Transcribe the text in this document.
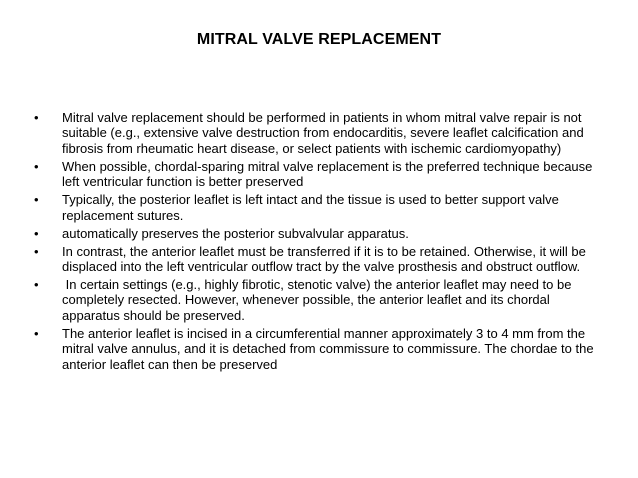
MITRAL VALVE REPLACEMENT
•	Mitral valve replacement should be performed in patients in whom mitral valve repair is not suitable (e.g., extensive valve destruction from endocarditis, severe leaflet calcification and fibrosis from rheumatic heart disease, or select patients with ischemic cardiomyopathy)
•	When possible, chordal-sparing mitral valve replacement is the preferred technique because left ventricular function is better preserved
•	Typically, the posterior leaflet is left intact and the tissue is used to better support valve replacement sutures.
•	automatically preserves the posterior subvalvular apparatus.
•	In contrast, the anterior leaflet must be transferred if it is to be retained. Otherwise, it will be displaced into the left ventricular outflow tract by the valve prosthesis and obstruct outflow.
•	In certain settings (e.g., highly fibrotic, stenotic valve) the anterior leaflet may need to be completely resected. However, whenever possible, the anterior leaflet and its chordal apparatus should be preserved.
•	The anterior leaflet is incised in a circumferential manner approximately 3 to 4 mm from the mitral valve annulus, and it is detached from commissure to commissure. The chordae to the anterior leaflet can then be preserved
